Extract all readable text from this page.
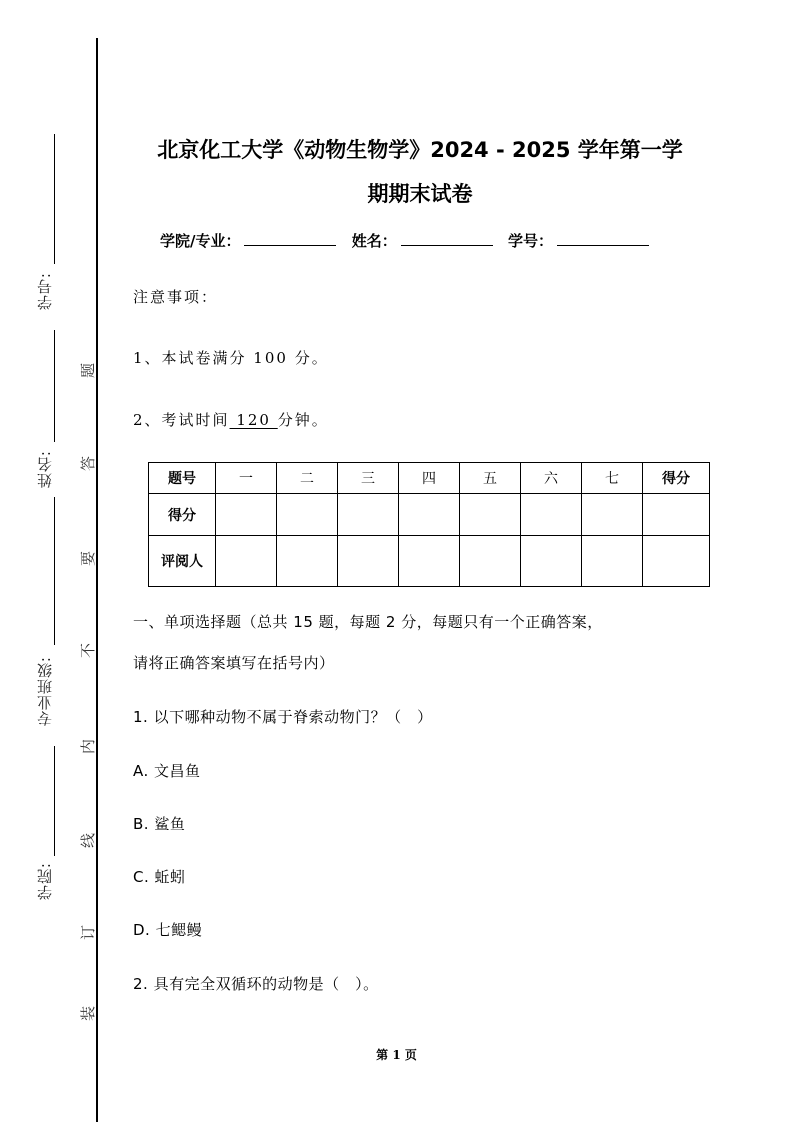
学号:
姓名:
专业班级:
学院:
题
答
要
不
内
线
订
装
北京化工大学《动物生物学》2024 - 2025 学年第一学
期期末试卷
学院/专业：	姓名：	学号：
注意事项：
1、本试卷满分 100 分。
2、考试时间 120 分钟。
题号	一	二	三	四	五	六	七	得分
得分								
评阅人								
一、单项选择题（总共 15 题，每题 2 分，每题只有一个正确答案，
请将正确答案填写在括号内）
1. 以下哪种动物不属于脊索动物门？（　）
A. 文昌鱼
B. 鲨鱼
C. 蚯蚓
D. 七鳃鳗
2. 具有完全双循环的动物是（　）。
第 1 页
